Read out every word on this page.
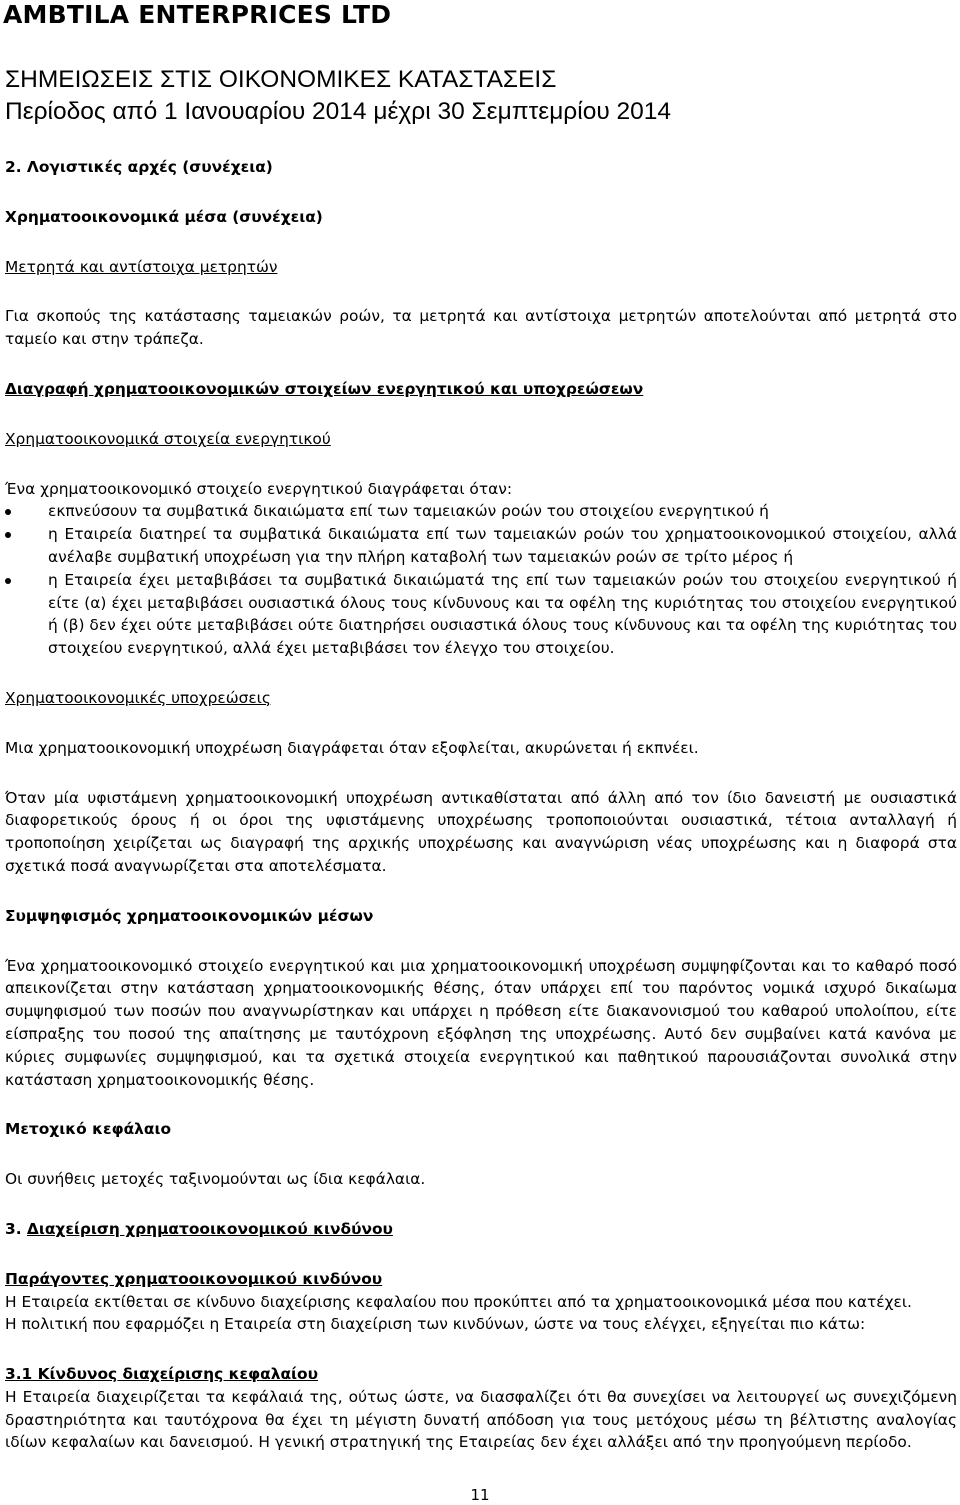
AMBTILA ENTERPRICES LTD
ΣΗΜΕΙΩΣΕΙΣ ΣΤΙΣ ΟΙΚΟΝΟΜΙΚΕΣ ΚΑΤΑΣΤΑΣΕΙΣ
Περίοδος από 1 Ιανουαρίου 2014 μέχρι 30 Σεμπτεμρίου 2014

2. Λογιστικές αρχές (συνέχεια)

Χρηματοοικονομικά μέσα (συνέχεια)

Μετρητά και αντίστοιχα μετρητών

Για σκοπούς της κατάστασης ταμειακών ροών, τα μετρητά και αντίστοιχα μετρητών αποτελούνται από μετρητά στο ταμείο και στην τράπεζα.

Διαγραφή χρηματοοικονομικών στοιχείων ενεργητικού και υποχρεώσεων

Χρηματοοικονομικά στοιχεία ενεργητικού

Ένα χρηματοοικονομικό στοιχείο ενεργητικού διαγράφεται όταν:

εκπνεύσουν τα συμβατικά δικαιώματα επί των ταμειακών ροών του στοιχείου ενεργητικού ή
η Εταιρεία διατηρεί τα συμβατικά δικαιώματα επί των ταμειακών ροών του χρηματοοικονομικού στοιχείου, αλλά ανέλαβε συμβατική υποχρέωση για την πλήρη καταβολή των ταμειακών ροών σε τρίτο μέρος ή
η Εταιρεία έχει μεταβιβάσει τα συμβατικά δικαιώματά της επί των ταμειακών ροών του στοιχείου ενεργητικού ή είτε (α) έχει μεταβιβάσει ουσιαστικά όλους τους κίνδυνους και τα οφέλη της κυριότητας του στοιχείου ενεργητικού ή (β) δεν έχει ούτε μεταβιβάσει ούτε διατηρήσει ουσιαστικά όλους τους κίνδυνους και τα οφέλη της κυριότητας του στοιχείου ενεργητικού, αλλά έχει μεταβιβάσει τον έλεγχο του στοιχείου.

Χρηματοοικονομικές υποχρεώσεις

Μια χρηματοοικονομική υποχρέωση διαγράφεται όταν εξοφλείται, ακυρώνεται ή εκπνέει.

Όταν μία υφιστάμενη χρηματοοικονομική υποχρέωση αντικαθίσταται από άλλη από τον ίδιο δανειστή με ουσιαστικά διαφορετικούς όρους ή οι όροι της υφιστάμενης υποχρέωσης τροποποιούνται ουσιαστικά, τέτοια ανταλλαγή ή τροποποίηση χειρίζεται ως διαγραφή της αρχικής υποχρέωσης και αναγνώριση νέας υποχρέωσης και η διαφορά στα σχετικά ποσά αναγνωρίζεται στα αποτελέσματα.

Συμψηφισμός χρηματοοικονομικών μέσων

Ένα χρηματοοικονομικό στοιχείο ενεργητικού και μια χρηματοοικονομική υποχρέωση συμψηφίζονται και το καθαρό ποσό απεικονίζεται στην κατάσταση χρηματοοικονομικής θέσης, όταν υπάρχει επί του παρόντος νομικά ισχυρό δικαίωμα συμψηφισμού των ποσών που αναγνωρίστηκαν και υπάρχει η πρόθεση είτε διακανονισμού του καθαρού υπολοίπου, είτε είσπραξης του ποσού της απαίτησης με ταυτόχρονη εξόφληση της υποχρέωσης. Αυτό δεν συμβαίνει κατά κανόνα με κύριες συμφωνίες συμψηφισμού, και τα σχετικά στοιχεία ενεργητικού και παθητικού παρουσιάζονται συνολικά στην κατάσταση χρηματοοικονομικής θέσης.

Μετοχικό κεφάλαιο

Οι συνήθεις μετοχές ταξινομούνται ως ίδια κεφάλαια.

3. Διαχείριση χρηματοοικονομικού κινδύνου

Παράγοντες χρηματοοικονομικού κινδύνου

Η Εταιρεία εκτίθεται σε κίνδυνο διαχείρισης κεφαλαίου που προκύπτει από τα χρηματοοικονομικά μέσα που κατέχει.

Η πολιτική που εφαρμόζει η Εταιρεία στη διαχείριση των κινδύνων, ώστε να τους ελέγχει, εξηγείται πιο κάτω:

3.1 Κίνδυνος διαχείρισης κεφαλαίου

Η Εταιρεία διαχειρίζεται τα κεφάλαιά της, ούτως ώστε, να διασφαλίζει ότι θα συνεχίσει να λειτουργεί ως συνεχιζόμενη δραστηριότητα και ταυτόχρονα θα έχει τη μέγιστη δυνατή απόδοση για τους μετόχους μέσω τη βέλτιστης αναλογίας ιδίων κεφαλαίων και δανεισμού. Η γενική στρατηγική της Εταιρείας δεν έχει αλλάξει από την προηγούμενη περίοδο.

11
